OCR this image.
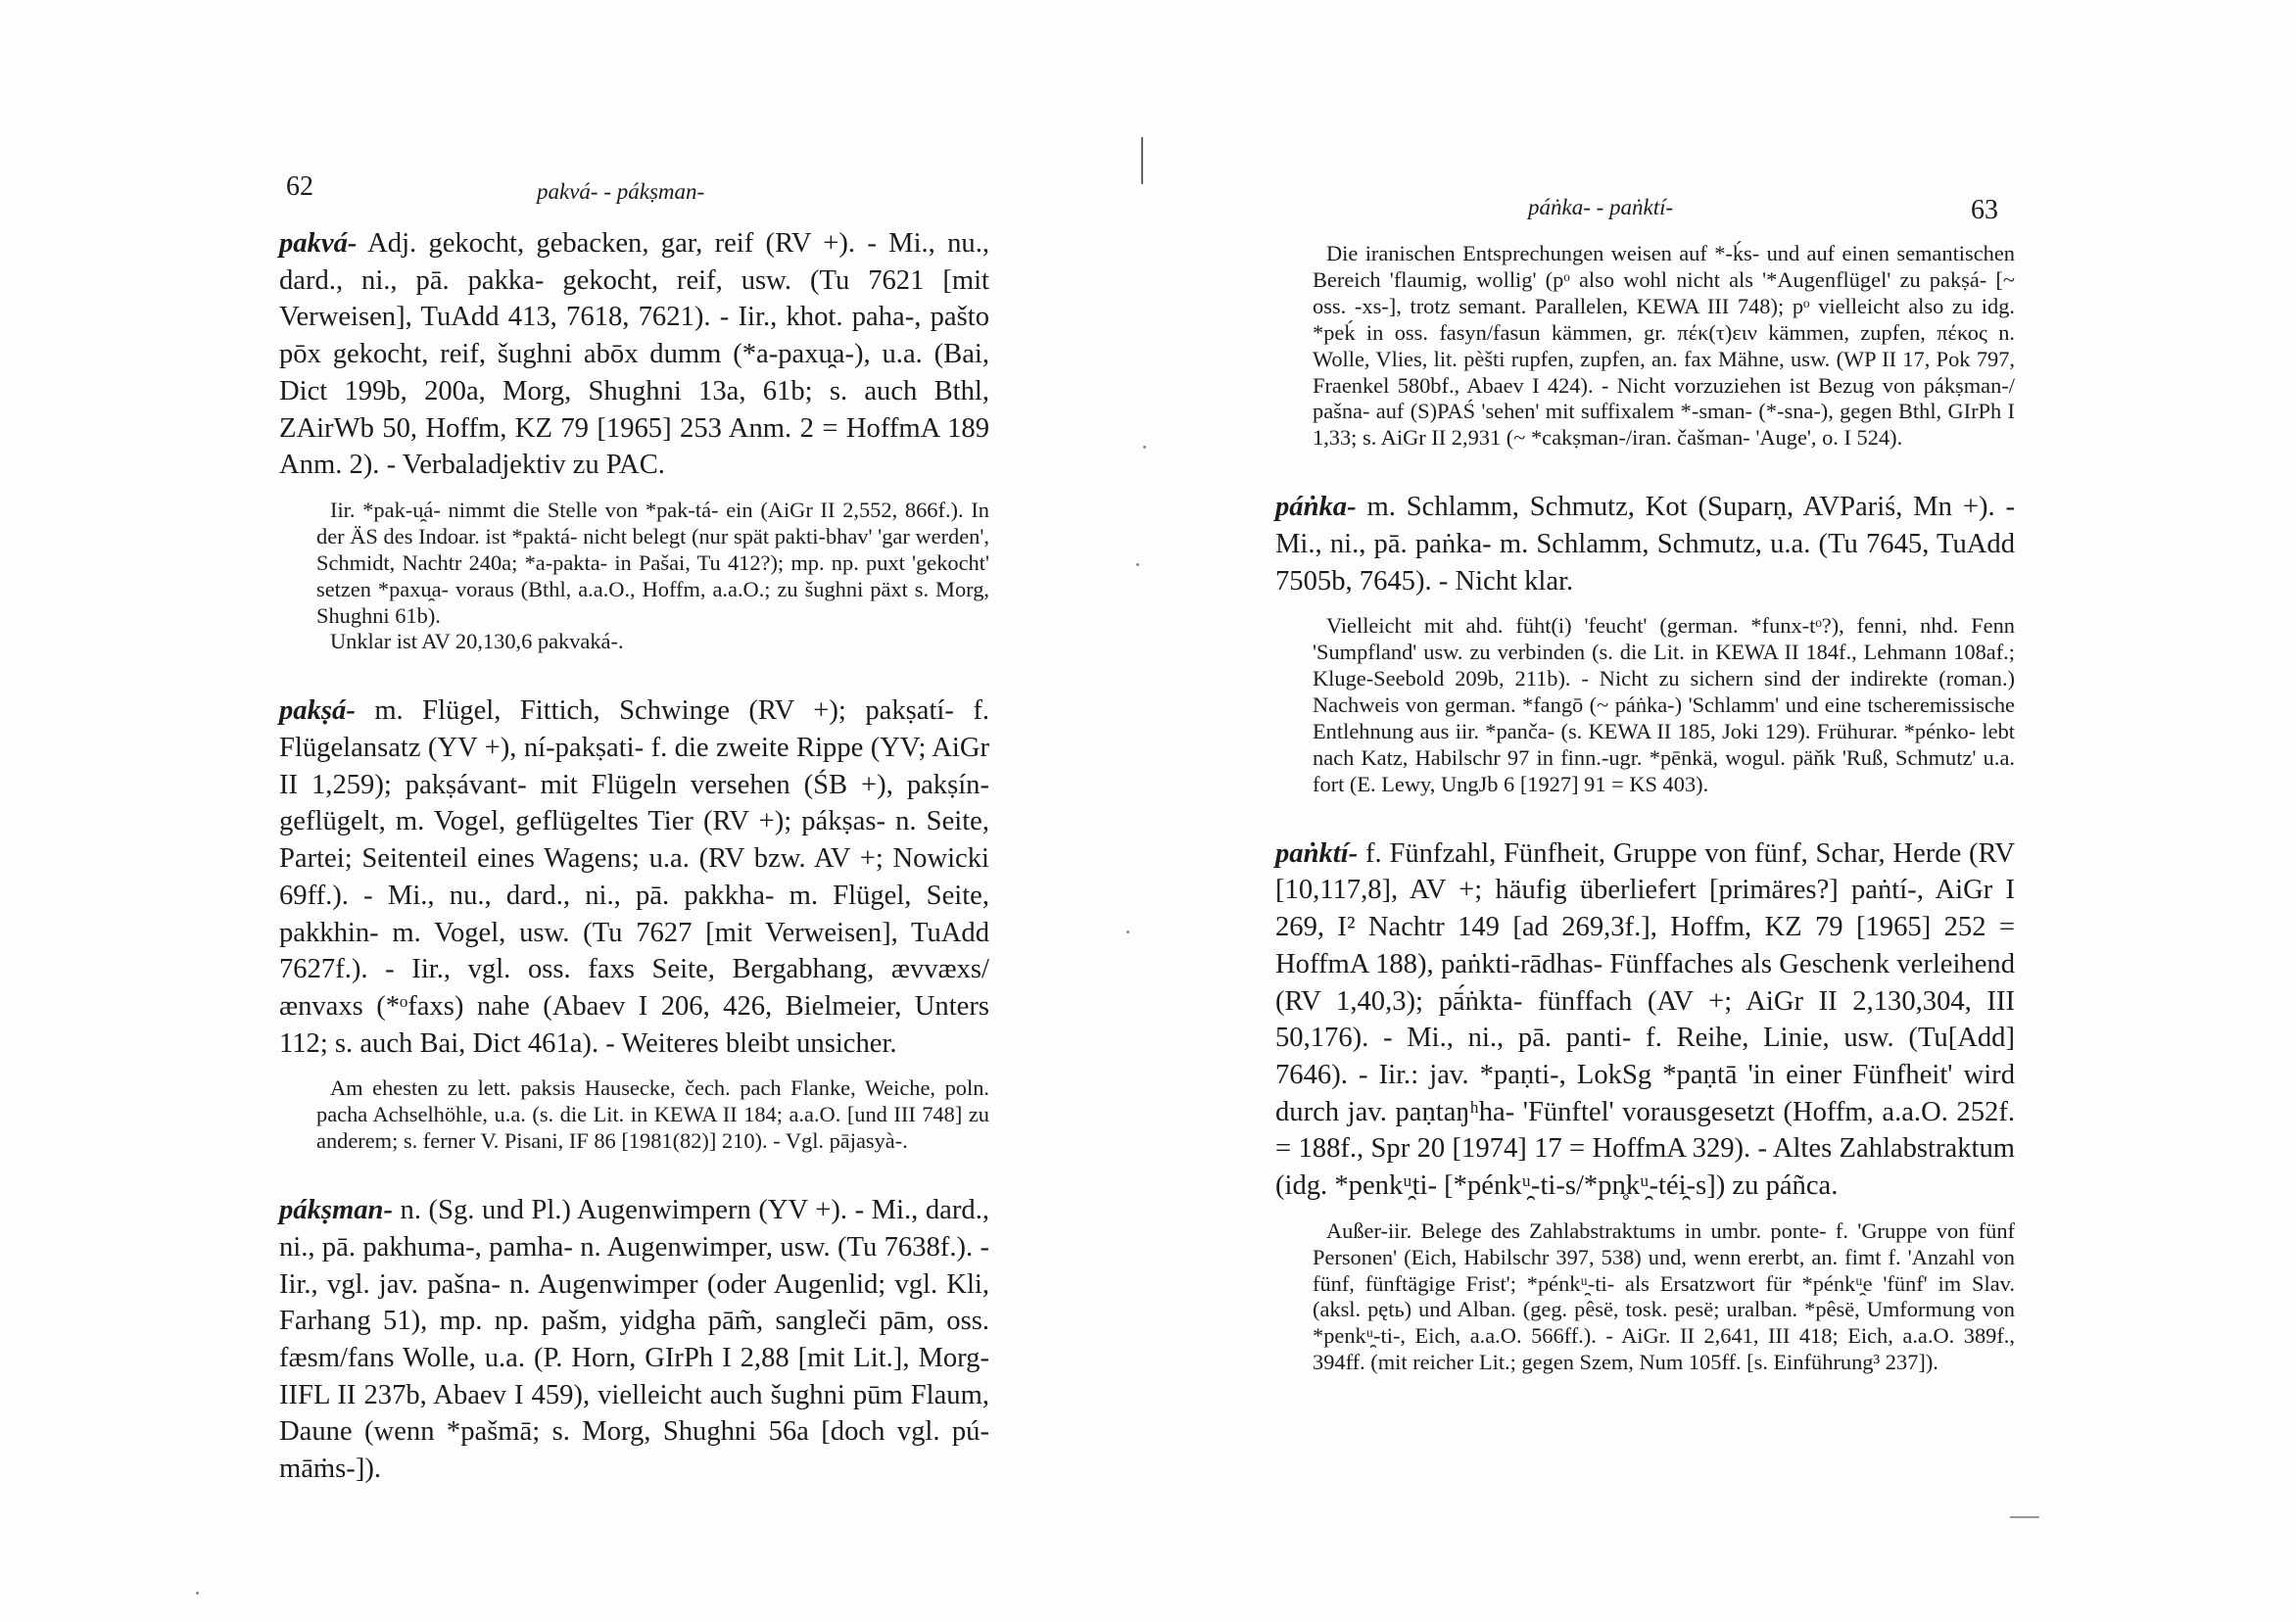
62	pakvá- - pákṣman-

pakvá- Adj. gekocht, gebacken, gar, reif (RV +). - Mi., nu., dard., ni., pā. pakka- gekocht, reif, usw. (Tu 7621 [mit Verweisen], TuAdd 413, 7618, 7621). - Iir., khot. paha-, pašto pōx gekocht, reif, šughni abōx dumm (*a-paxu̯a-), u.a. (Bai, Dict 199b, 200a, Morg, Shughni 13a, 61b; s. auch Bthl, ZAirWb 50, Hoffm, KZ 79 [1965] 253 Anm. 2 = HoffmA 189 Anm. 2). - Verbaladjektiv zu PAC.

Iir. *pak-u̯á- nimmt die Stelle von *pak-tá- ein (AiGr II 2,552, 866f.). In der ÄS des Indoar. ist *paktá- nicht belegt (nur spät pakti-bhav' 'gar werden', Schmidt, Nachtr 240a; *a-pakta- in Pašai, Tu 412?); mp. np. puxt 'gekocht' setzen *paxu̯a- voraus (Bthl, a.a.O., Hoffm, a.a.O.; zu šughni päxt s. Morg, Shughni 61b).

Unklar ist AV 20,130,6 pakvaká-.

pakṣá- m. Flügel, Fittich, Schwinge (RV +); pakṣatí- f. Flügelansatz (YV +), ní-pakṣati- f. die zweite Rippe (YV; AiGr II 1,259); pakṣávant- mit Flügeln versehen (ŚB +), pakṣín- geflügelt, m. Vogel, geflügeltes Tier (RV +); pákṣas- n. Seite, Partei; Seitenteil eines Wagens; u.a. (RV bzw. AV +; Nowicki 69ff.). - Mi., nu., dard., ni., pā. pakkha- m. Flügel, Seite, pakkhin- m. Vogel, usw. (Tu 7627 [mit Verweisen], TuAdd 7627f.). - Iir., vgl. oss. faxs Seite, Bergabhang, ævvæxs/ænvaxs (*ᵒfaxs) nahe (Abaev I 206, 426, Bielmeier, Unters 112; s. auch Bai, Dict 461a). - Weiteres bleibt unsicher.

Am ehesten zu lett. paksis Hausecke, čech. pach Flanke, Weiche, poln. pacha Achselhöhle, u.a. (s. die Lit. in KEWA II 184; a.a.O. [und III 748] zu anderem; s. ferner V. Pisani, IF 86 [1981(82)] 210). - Vgl. pājasyà-.

pákṣman- n. (Sg. und Pl.) Augenwimpern (YV +). - Mi., dard., ni., pā. pakhuma-, pamha- n. Augenwimper, usw. (Tu 7638f.). - Iir., vgl. jav. pašna- n. Augenwimper (oder Augenlid; vgl. Kli, Farhang 51), mp. np. pašm, yidgha pām̃, sangleči pām, oss. fæsm/fans Wolle, u.a. (P. Horn, GIrPh I 2,88 [mit Lit.], Morg-IIFL II 237b, Abaev I 459), vielleicht auch šughni pūm Flaum, Daune (wenn *pašmā; s. Morg, Shughni 56a [doch vgl. pú-māṁs-]).

páṅka- - paṅktí-	63

Die iranischen Entsprechungen weisen auf *-ḱs- und auf einen semantischen Bereich 'flaumig, wollig' (pᵒ also wohl nicht als '*Augenflügel' zu pakṣá- [~ oss. -xs-], trotz semant. Parallelen, KEWA III 748); pᵒ vielleicht also zu idg. *peḱ in oss. fasyn/fasun kämmen, gr. πέκ(τ)ειν kämmen, zupfen, πέκος n. Wolle, Vlies, lit. pèšti rupfen, zupfen, an. fax Mähne, usw. (WP II 17, Pok 797, Fraenkel 580bf., Abaev I 424). - Nicht vorzuziehen ist Bezug von pákṣman-/ pašna- auf (S)PAŚ 'sehen' mit suffixalem *-sman- (*-sna-), gegen Bthl, GIrPh I 1,33; s. AiGr II 2,931 (~ *cakṣman-/iran. čašman- 'Auge', o. I 524).

páṅka- m. Schlamm, Schmutz, Kot (Suparṇ, AVPariś, Mn +). - Mi., ni., pā. paṅka- m. Schlamm, Schmutz, u.a. (Tu 7645, TuAdd 7505b, 7645). - Nicht klar.

Vielleicht mit ahd. füht(i) 'feucht' (german. *funx-tᵒ?), fenni, nhd. Fenn 'Sumpfland' usw. zu verbinden (s. die Lit. in KEWA II 184f., Lehmann 108af.; Kluge-Seebold 209b, 211b). - Nicht zu sichern sind der indirekte (roman.) Nachweis von german. *fangō (~ páṅka-) 'Schlamm' und eine tscheremissische Entlehnung aus iir. *panča- (s. KEWA II 185, Joki 129). Frühurar. *pénko- lebt nach Katz, Habilschr 97 in finn.-ugr. *pēnkä, wogul. päňk 'Ruß, Schmutz' u.a. fort (E. Lewy, UngJb 6 [1927] 91 = KS 403).

paṅktí- f. Fünfzahl, Fünfheit, Gruppe von fünf, Schar, Herde (RV [10,117,8], AV +; häufig überliefert [primäres?] paṅtí-, AiGr I 269, I² Nachtr 149 [ad 269,3f.], Hoffm, KZ 79 [1965] 252 = HoffmA 188), paṅkti-rādhas- Fünffaches als Geschenk verleihend (RV 1,40,3); pā́ṅkta- fünffach (AV +; AiGr II 2,130,304, III 50,176). - Mi., ni., pā. panti- f. Reihe, Linie, usw. (Tu[Add] 7646). - Iir.: jav. *paṇti-, LokSg *paṇtā 'in einer Fünfheit' wird durch jav. paṇtaŋʰha- 'Fünftel' vorausgesetzt (Hoffm, a.a.O. 252f. = 188f., Spr 20 [1974] 17 = HoffmA 329). - Altes Zahlabstraktum (idg. *penkᵘ̯ti- [*pénkᵘ̯-ti-s/*pn̥kᵘ̯-téi̯-s]) zu páñca.

Außer-iir. Belege des Zahlabstraktums in umbr. ponte- f. 'Gruppe von fünf Personen' (Eich, Habilschr 397, 538) und, wenn ererbt, an. fimt f. 'Anzahl von fünf, fünftägige Frist'; *pénkᵘ̯-ti- als Ersatzwort für *pénkᵘ̯e 'fünf' im Slav. (aksl. pętь) und Alban. (geg. pêsë, tosk. pesë; uralban. *pêsë, Umformung von *penkᵘ̯-ti-, Eich, a.a.O. 566ff.). - AiGr. II 2,641, III 418; Eich, a.a.O. 389f., 394ff. (mit reicher Lit.; gegen Szem, Num 105ff. [s. Einführung³ 237]).
